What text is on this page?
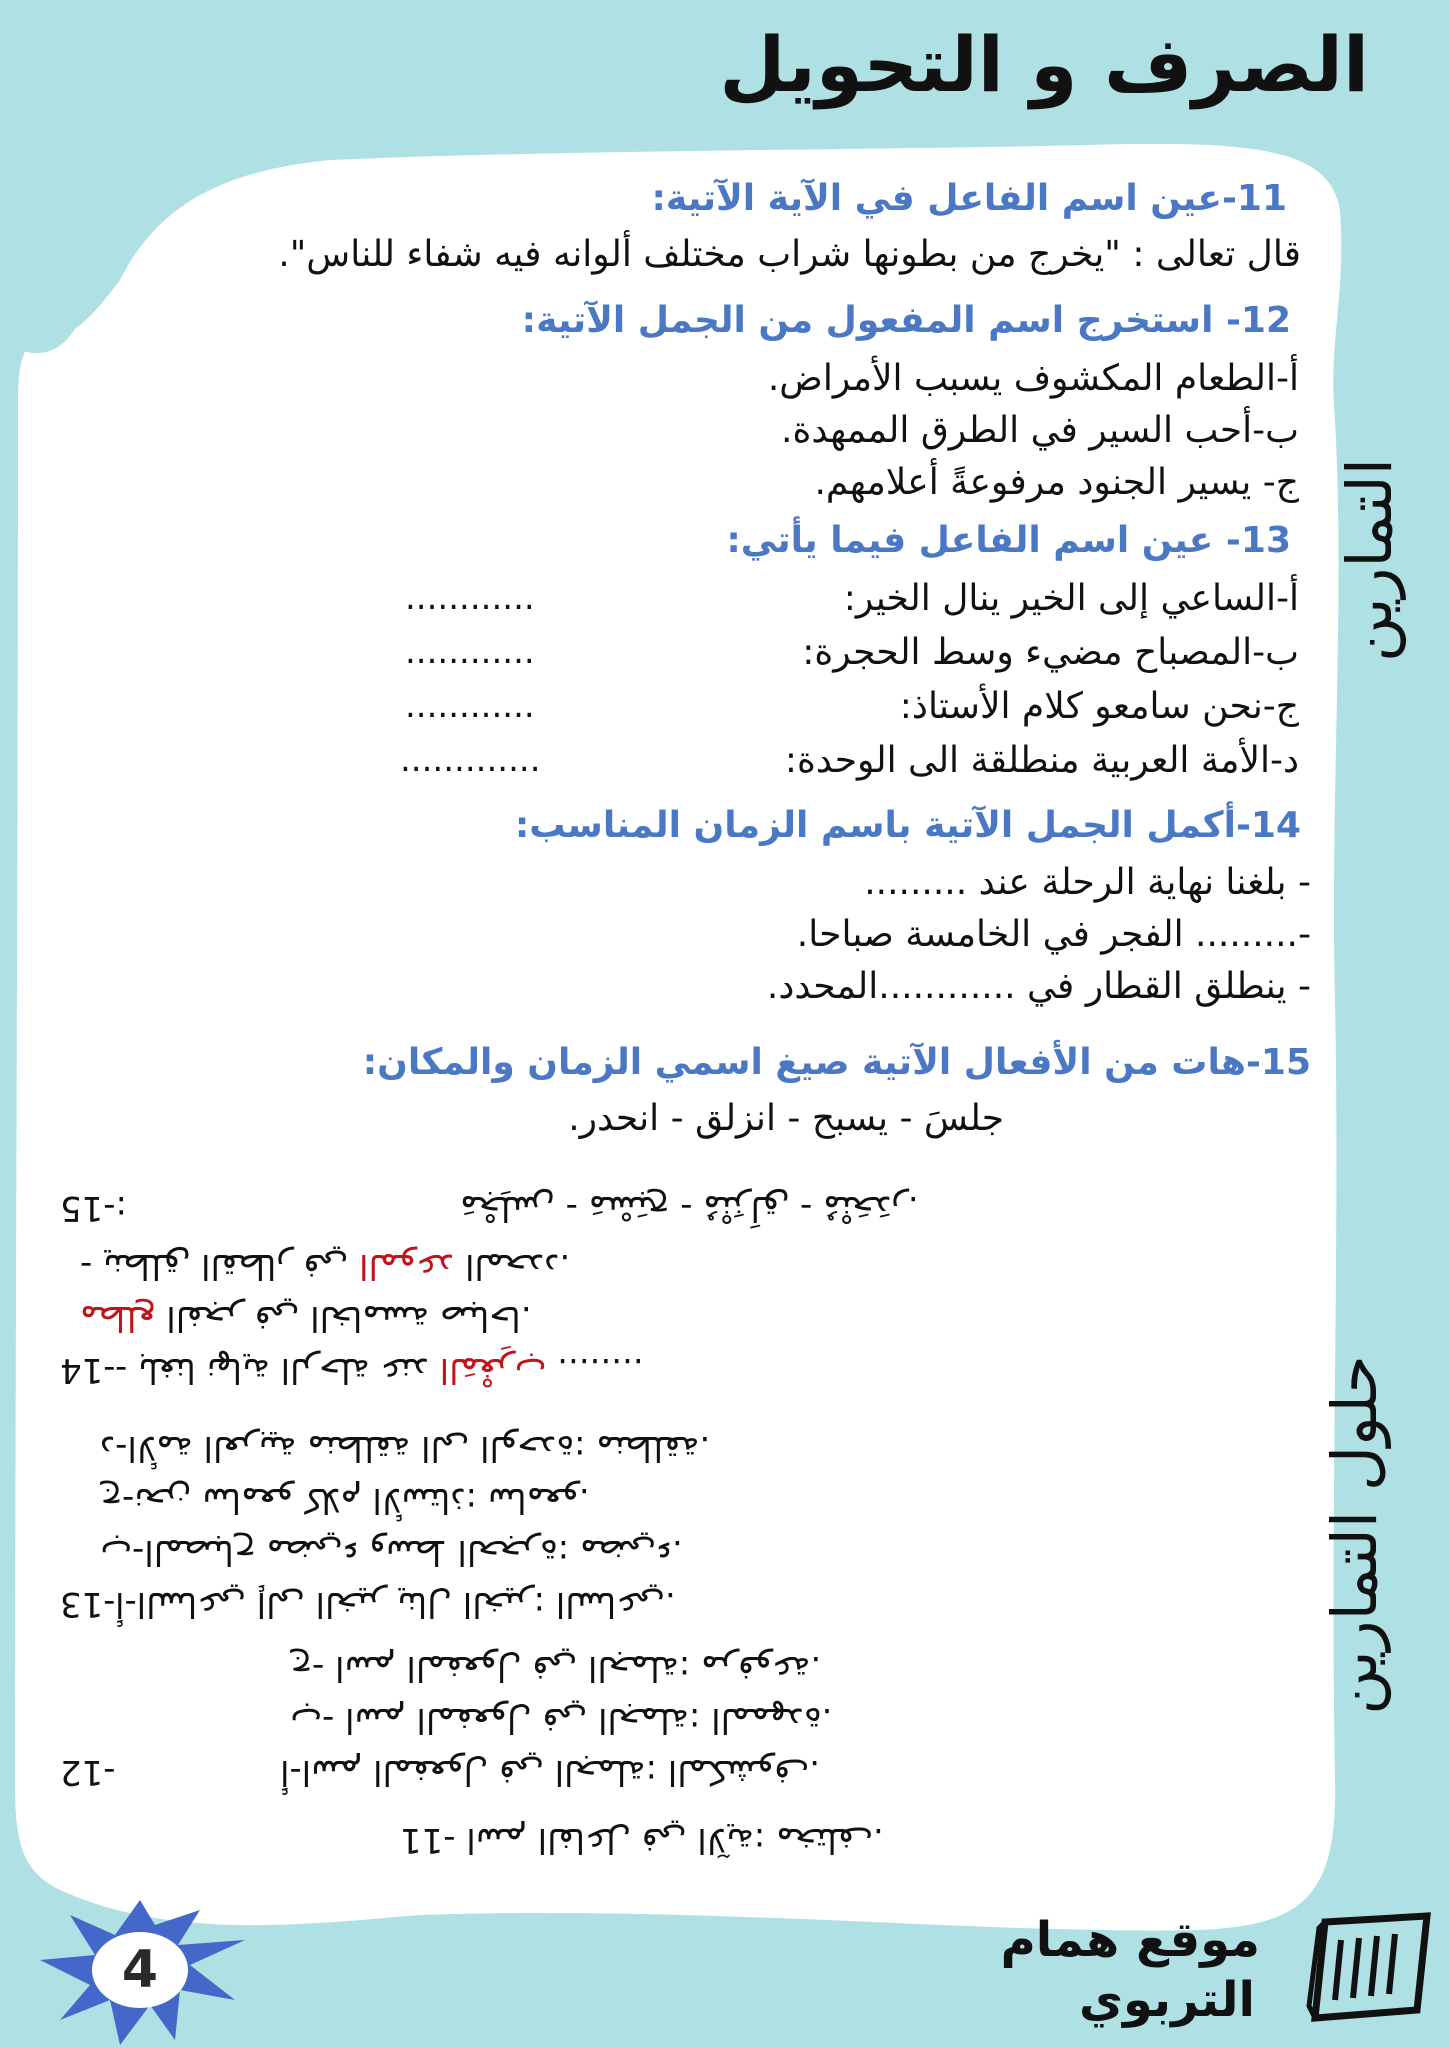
الصرف و التحويل
التمارين
حلول التمارين
11-عين اسم الفاعل في الآية الآتية:
قال تعالى : "يخرج من بطونها شراب مختلف ألوانه فيه شفاء للناس".
12- استخرج اسم المفعول من الجمل الآتية:
أ-الطعام المكشوف يسبب الأمراض.
ب-أحب السير في الطرق الممهدة.
ج- يسير الجنود مرفوعةً أعلامهم.
13- عين اسم الفاعل فيما يأتي:
أ-الساعي إلى الخير ينال الخير:
............
ب-المصباح مضيء وسط الحجرة:
............
ج-نحن سامعو كلام الأستاذ:
............
د-الأمة العربية منطلقة الى الوحدة:
.............
14-أكمل الجمل الآتية باسم الزمان المناسب:
- بلغنا نهاية الرحلة عند .........
-......... الفجر في الخامسة صباحا.
- ينطلق القطار في ............المحدد.
15-هات من الأفعال الآتية صيغ اسمي الزمان والمكان:
جلسَ - يسبح - انزلق - انحدر.
11- اسم الفاعل في الآية: مختلف.
12-	أ-اسم المفعول في الجملة: المكشوف.
ب- اسم المفعول في الجملة: الممهدة.
ج- اسم المفعول في الجملة: مرفوعة.
13- أ-الساعي إلى الخير ينال الخير: الساعي.
ب-المصباح مضيء وسط الحجرة: مضيء.
ج-نحن سامعو كلام الأستاذ: سامعو.
د-الأمة العربية منطلقة الى الوحدة: منطلقة.
14- - بلغنا نهاية الرحلة عند المَغْرِب ........
مطلع الفجر في الخامسة صباحا.
- ينطلق القطار في الموعد المحدد.
15-:	مَجْلِس - مَسْبَح - مُنْزَلَق - مُنْحَدَر.
موقع همام
التربوي
4
